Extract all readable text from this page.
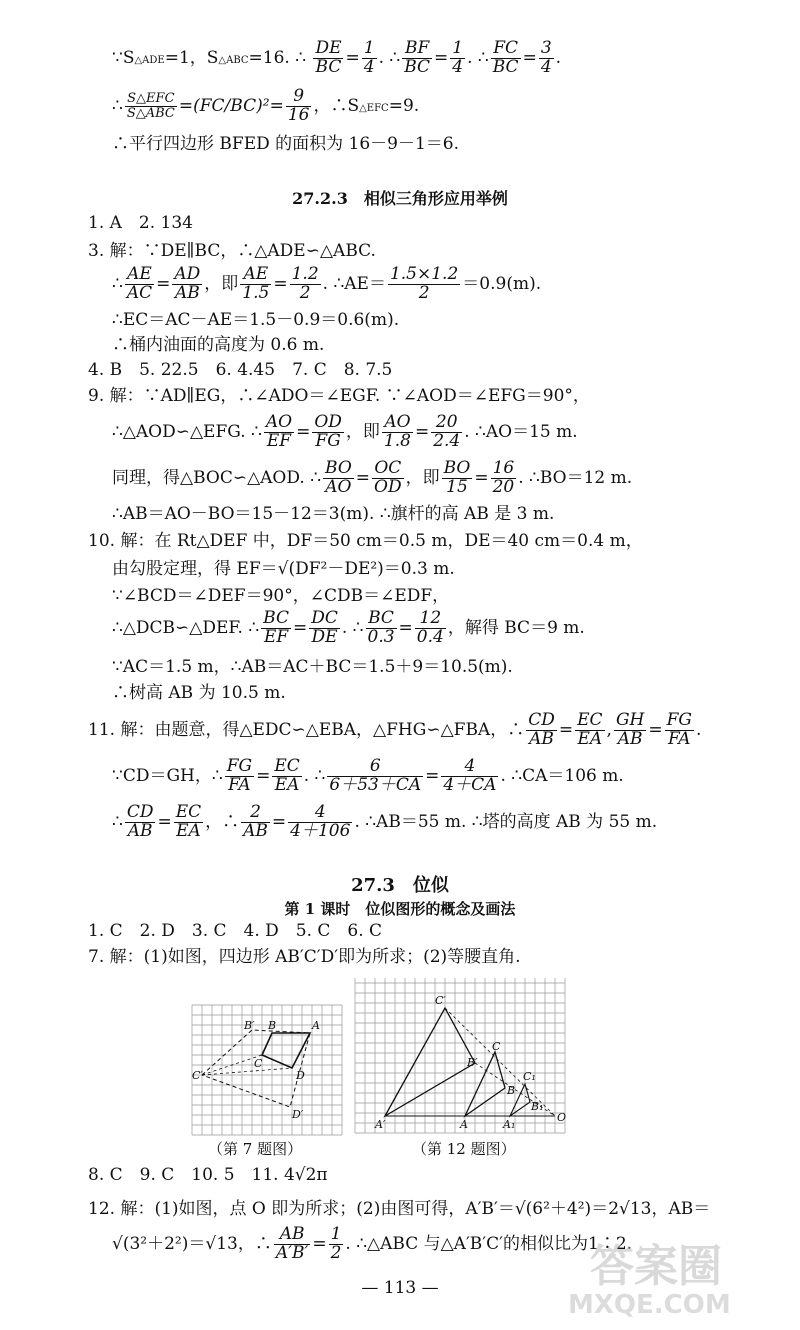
∵S△ADE=1，S△ABC=16. ∴ $\frac{DE}{BC} = \frac{1}{4}$ . ∴ $\frac{BF}{BC} = \frac{1}{4}$ . ∴ $\frac{FC}{BC} = \frac{3}{4}$ .
∴ $\frac{\text{S△EFC}}{\text{S△ABC}} =(FC/BC)^2= \frac{9}{16}$ ，∴S△EFC=9.
∴平行四边形 BFED 的面积为 16－9－1＝6.
27.2.3　相似三角形应用举例
1. A　2. 134
3. 解：∵DE∥BC，∴△ADE∽△ABC.
∴ $\frac{AE}{AC} = \frac{AD}{AB}$ ，即 $\frac{AE}{1.5} = \frac{1.2}{2}$ . ∴AE＝ $\frac{1.5\times 1.2}{2} =0.9(m)$.
∴EC＝AC－AE＝1.5－0.9＝0.6(m).
∴桶内油面的高度为 0.6 m.
4. B　5. 22.5　6. 4.45　7. C　8. 7.5
9. 解：∵AD∥EG，∴∠ADO＝∠EGF. ∵∠AOD＝∠EFG＝90°，
∴△AOD∽△EFG. ∴ $\frac{AO}{EF} = \frac{OD}{FG}$ ，即 $\frac{AO}{1.8} = \frac{20}{2.4}$ . ∴AO＝15 m.
同理，得△BOC∽△AOD. ∴ $\frac{BO}{AO} = \frac{OC}{OD}$ ，即 $\frac{BO}{15} = \frac{16}{20}$ . ∴BO＝12 m.
∴AB＝AO－BO＝15－12＝3(m). ∴旗杆的高 AB 是 3 m.
10. 解：在 Rt△DEF 中，DF＝50 cm＝0.5 m，DE＝40 cm＝0.4 m，
由勾股定理，得 EF＝√(DF²－DE²)＝0.3 m.
∵∠BCD＝∠DEF＝90°，∠CDB＝∠EDF，
∴△DCB∽△DEF. ∴ $\frac{BC}{EF} = \frac{DC}{DE}$ . ∴ $\frac{BC}{0.3} = \frac{12}{0.4}$ ，解得 BC＝9 m.
∵AC＝1.5 m，∴AB＝AC＋BC＝1.5＋9＝10.5(m).
∴树高 AB 为 10.5 m.
11. 解：由题意，得△EDC∽△EBA，△FHG∽△FBA，∴ $\frac{CD}{AB} = \frac{EC}{EA}$ , $\frac{GH}{AB} = \frac{FG}{FA}$ .
∵CD＝GH，∴ $\frac{FG}{FA} = \frac{EC}{EA}$ . ∴ $\frac{6}{6+53+CA} = \frac{4}{4+CA}$ . ∴CA＝106 m.
∴ $\frac{CD}{AB} = \frac{EC}{EA}$ ，∴ $\frac{2}{AB} = \frac{4}{4+106}$ . ∴AB＝55 m. ∴塔的高度 AB 为 55 m.
27.3　位似
第 1 课时　位似图形的概念及画法
1. C　2. D　3. C　4. D　5. C　6. C
7. 解：(1)如图，四边形 AB′C′D′即为所求；(2)等腰直角.
B′ B	A
C
C′	D
D′
（第 7 题图）
C′
C
B′
B
A′	A	A₁
B₁
C₁
O
（第 12 题图）
8. C　9. C　10. 5　11. 4√2π
12. 解：(1)如图，点 O 即为所求；(2)由图可得，A′B′＝√(6²＋4²)＝2√13，AB＝
√(3²＋2²)＝√13，∴ $\frac{AB}{A'B'} = \frac{1}{2}$ . ∴△ABC 与△A′B′C′的相似比为1∶2.
— 113 —	答案圈
MXQE.COM
